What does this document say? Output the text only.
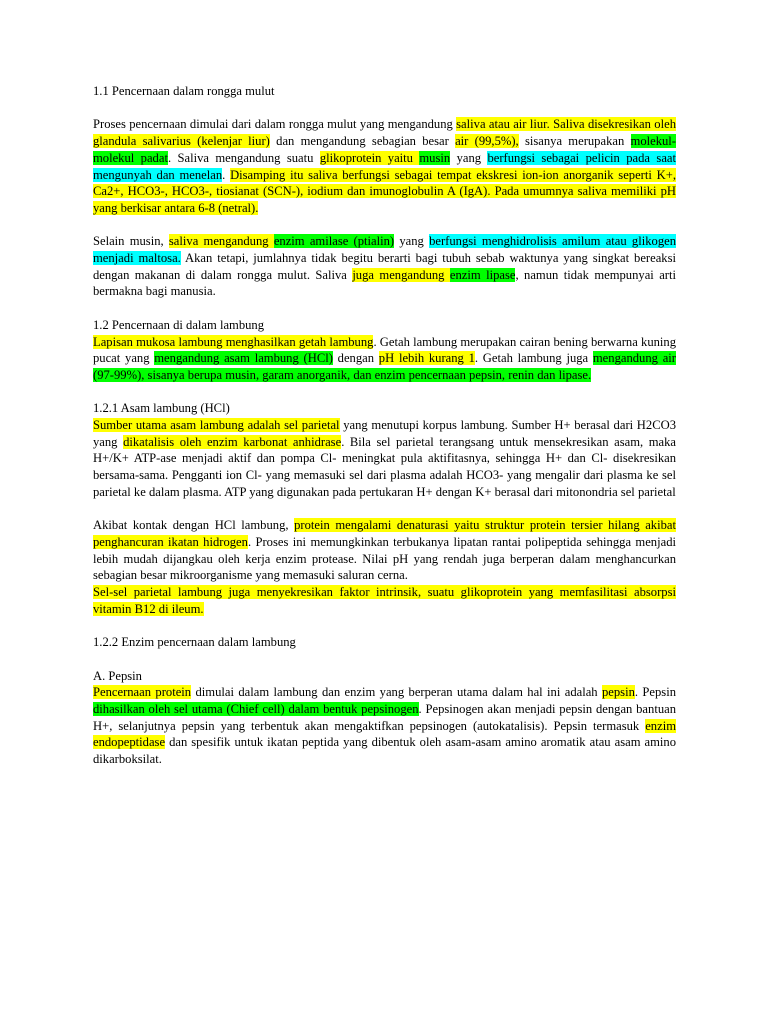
1.1 Pencernaan dalam rongga mulut

Proses pencernaan dimulai dari dalam rongga mulut yang mengandung saliva atau air liur. Saliva disekresikan oleh glandula salivarius (kelenjar liur) dan mengandung sebagian besar air (99,5%), sisanya merupakan molekul-molekul padat. Saliva mengandung suatu glikoprotein yaitu musin yang berfungsi sebagai pelicin pada saat mengunyah dan menelan. Disamping itu saliva berfungsi sebagai tempat ekskresi ion-ion anorganik seperti K+, Ca2+, HCO3-, HCO3-, tiosianat (SCN-), iodium dan imunoglobulin A (IgA). Pada umumnya saliva memiliki pH yang berkisar antara 6-8 (netral).

Selain musin, saliva mengandung enzim amilase (ptialin) yang berfungsi menghidrolisis amilum atau glikogen menjadi maltosa. Akan tetapi, jumlahnya tidak begitu berarti bagi tubuh sebab waktunya yang singkat bereaksi dengan makanan di dalam rongga mulut. Saliva juga mengandung enzim lipase, namun tidak mempunyai arti bermakna bagi manusia.

1.2 Pencernaan di dalam lambung

Lapisan mukosa lambung menghasilkan getah lambung. Getah lambung merupakan cairan bening berwarna kuning pucat yang mengandung asam lambung (HCl) dengan pH lebih kurang 1. Getah lambung juga mengandung air (97-99%), sisanya berupa musin, garam anorganik, dan enzim pencernaan pepsin, renin dan lipase.

1.2.1 Asam lambung (HCl)

Sumber utama asam lambung adalah sel parietal yang menutupi korpus lambung. Sumber H+ berasal dari H2CO3 yang dikatalisis oleh enzim karbonat anhidrase. Bila sel parietal terangsang untuk mensekresikan asam, maka H+/K+ ATP-ase menjadi aktif dan pompa Cl- meningkat pula aktifitasnya, sehingga H+ dan Cl- disekresikan bersama-sama. Pengganti ion Cl- yang memasuki sel dari plasma adalah HCO3- yang mengalir dari plasma ke sel parietal ke dalam plasma. ATP yang digunakan pada pertukaran H+ dengan K+ berasal dari mitonondria sel parietal

Akibat kontak dengan HCl lambung, protein mengalami denaturasi yaitu struktur protein tersier hilang akibat penghancuran ikatan hidrogen. Proses ini memungkinkan terbukanya lipatan rantai polipeptida sehingga menjadi lebih mudah dijangkau oleh kerja enzim protease. Nilai pH yang rendah juga berperan dalam menghancurkan sebagian besar mikroorganisme yang memasuki saluran cerna.

Sel-sel parietal lambung juga menyekresikan faktor intrinsik, suatu glikoprotein yang memfasilitasi absorpsi vitamin B12 di ileum.

1.2.2 Enzim pencernaan dalam lambung

A. Pepsin

Pencernaan protein dimulai dalam lambung dan enzim yang berperan utama dalam hal ini adalah pepsin. Pepsin dihasilkan oleh sel utama (Chief cell) dalam bentuk pepsinogen. Pepsinogen akan menjadi pepsin dengan bantuan H+, selanjutnya pepsin yang terbentuk akan mengaktifkan pepsinogen (autokatalisis). Pepsin termasuk enzim endopeptidase dan spesifik untuk ikatan peptida yang dibentuk oleh asam-asam amino aromatik atau asam amino dikarboksilat.
